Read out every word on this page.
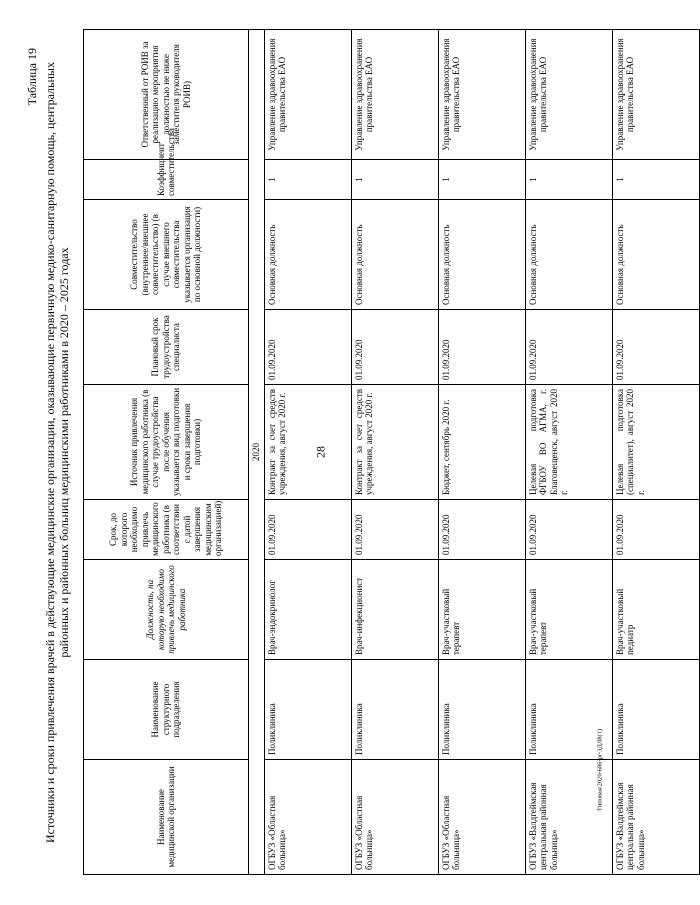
28
Типовая/2020-686-pr-3ДЛ8(1)
Таблица 19 Источники и сроки привлечения врачей в действующие медицинские организации, оказывающие первичную медико-санитарную помощь, центральных районных и районных больниц медицинскими работниками в 2020 – 2025 годах
Наименование медицинской организации	Наименование структурного подразделения	Должность, на которую необходимо привлечь медицинского работника	Срок, до которого необходимо привлечь медицинского работника (в соответствии с датой завершения медицинским организацией)	Источник привлечения медицинского работника (в случае трудоустройства после обучения указывается вид подготовки и сроки завершения подготовки)	Плановый срок трудоустройства специалиста	Совместительство (внутреннее/внешнее совместительство) (в случае внешнего совместительства указывается организация по основной должности)	Коэффициент совместительства	Ответственный от РОИВ за реализацию мероприятия должностью не ниже заместителя руководителя РОИВ)
2020								
ОГБУЗ «Областная больница»	Поликлиника	Врач-эндокринолог	01.09.2020	Контракт за счет средств учреждения, август 2020 г.	01.09.2020	Основная должность	1	Управление здравоохранения правительства ЕАО
ОГБУЗ «Областная больница»	Поликлиника	Врач-инфекционист	01.09.2020	Контракт за счет средств учреждения, август 2020 г.	01.09.2020	Основная должность	1	Управление здравоохранения правительства ЕАО
ОГБУЗ «Областная больница»	Поликлиника	Врач-участковый терапевт	01.09.2020	Бюджет, сентябрь 2020 г.	01.09.2020	Основная должность	1	Управление здравоохранения правительства ЕАО
ОГБУЗ «Валдгеймская центральная районная больница»	Поликлиника	Врач-участковый терапевт	01.09.2020	Целевая подготовка ФГБОУ ВО АГМА, г. Благовещенск, август 2020 г.	01.09.2020	Основная должность	1	Управление здравоохранения правительства ЕАО
ОГБУЗ «Валдгеймская центральная районная больница»	Поликлиника	Врач-участковый педиатр	01.09.2020	Целевая подготовка (специалитет), август 2020 г.	01.09.2020	Основная должность	1	Управление здравоохранения правительства ЕАО
